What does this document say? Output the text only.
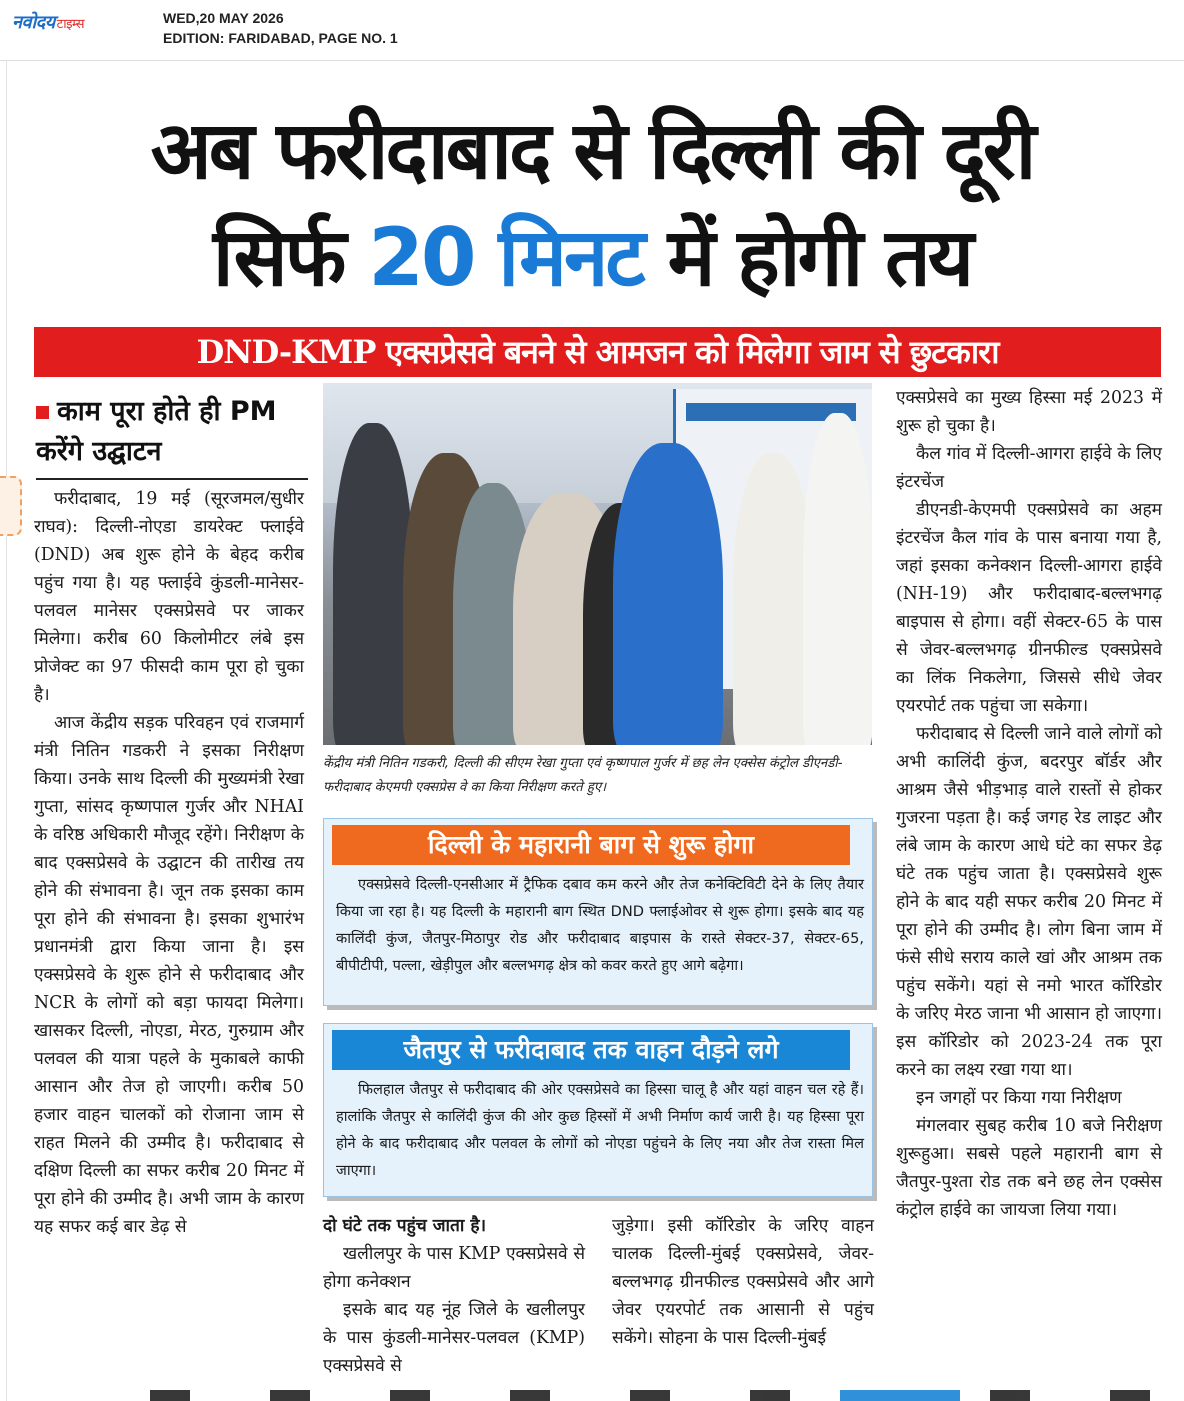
नवोदय टाइम्स	WED,20 MAY 2026
EDITION: FARIDABAD, PAGE NO. 1
अब फरीदाबाद से दिल्ली की दूरी
सिर्फ 20 मिनट में होगी तय
DND-KMP एक्सप्रेसवे बनने से आमजन को मिलेगा जाम से छुटकारा
काम पूरा होते ही PM करेंगे उद्घाटन

फरीदाबाद, 19 मई (सूरजमल/सुधीर राघव): दिल्ली-नोएडा डायरेक्ट फ्लाईवे (DND) अब शुरू होने के बेहद करीब पहुंच गया है। यह फ्लाईवे कुंडली-मानेसर-पलवल मानेसर एक्सप्रेसवे पर जाकर मिलेगा। करीब 60 किलोमीटर लंबे इस प्रोजेक्ट का 97 फीसदी काम पूरा हो चुका है।

आज केंद्रीय सड़क परिवहन एवं राजमार्ग मंत्री नितिन गडकरी ने इसका निरीक्षण किया। उनके साथ दिल्ली की मुख्यमंत्री रेखा गुप्ता, सांसद कृष्णपाल गुर्जर और NHAI के वरिष्ठ अधिकारी मौजूद रहेंगे। निरीक्षण के बाद एक्सप्रेसवे के उद्घाटन की तारीख तय होने की संभावना है। जून तक इसका काम पूरा होने की संभावना है। इसका शुभारंभ प्रधानमंत्री द्वारा किया जाना है। इस एक्सप्रेसवे के शुरू होने से फरीदाबाद और NCR के लोगों को बड़ा फायदा मिलेगा। खासकर दिल्ली, नोएडा, मेरठ, गुरुग्राम और पलवल की यात्रा पहले के मुकाबले काफी आसान और तेज हो जाएगी। करीब 50 हजार वाहन चालकों को रोजाना जाम से राहत मिलने की उम्मीद है। फरीदाबाद से दक्षिण दिल्ली का सफर करीब 20 मिनट में पूरा होने की उम्मीद है। अभी जाम के कारण यह सफर कई बार डेढ़ से

केंद्रीय मंत्री नितिन गडकरी, दिल्ली की सीएम रेखा गुप्ता एवं कृष्णपाल गुर्जर में छह लेन एक्सेस कंट्रोल डीएनडी-फरीदाबाद केएमपी एक्सप्रेस वे का किया निरीक्षण करते हुए।
दिल्ली के महारानी बाग से शुरू होगा

एक्सप्रेसवे दिल्ली-एनसीआर में ट्रैफिक दबाव कम करने और तेज कनेक्टिविटी देने के लिए तैयार किया जा रहा है। यह दिल्ली के महारानी बाग स्थित DND फ्लाईओवर से शुरू होगा। इसके बाद यह कालिंदी कुंज, जैतपुर-मिठापुर रोड और फरीदाबाद बाइपास के रास्ते सेक्टर-37, सेक्टर-65, बीपीटीपी, पल्ला, खेड़ीपुल और बल्लभगढ़ क्षेत्र को कवर करते हुए आगे बढ़ेगा।

जैतपुर से फरीदाबाद तक वाहन दौड़ने लगे

फिलहाल जैतपुर से फरीदाबाद की ओर एक्सप्रेसवे का हिस्सा चालू है और यहां वाहन चल रहे हैं। हालांकि जैतपुर से कालिंदी कुंज की ओर कुछ हिस्सों में अभी निर्माण कार्य जारी है। यह हिस्सा पूरा होने के बाद फरीदाबाद और पलवल के लोगों को नोएडा पहुंचने के लिए नया और तेज रास्ता मिल जाएगा।

दो घंटे तक पहुंच जाता है।

खलीलपुर के पास KMP एक्सप्रेसवे से होगा कनेक्शन

इसके बाद यह नूंह जिले के खलीलपुर के पास कुंडली-मानेसर-पलवल (KMP) एक्सप्रेसवे से

जुड़ेगा। इसी कॉरिडोर के जरिए वाहन चालक दिल्ली-मुंबई एक्सप्रेसवे, जेवर-बल्लभगढ़ ग्रीनफील्ड एक्सप्रेसवे और आगे जेवर एयरपोर्ट तक आसानी से पहुंच सकेंगे। सोहना के पास दिल्ली-मुंबई

एक्सप्रेसवे का मुख्य हिस्सा मई 2023 में शुरू हो चुका है।

कैल गांव में दिल्ली-आगरा हाईवे के लिए इंटरचेंज

डीएनडी-केएमपी एक्सप्रेसवे का अहम इंटरचेंज कैल गांव के पास बनाया गया है, जहां इसका कनेक्शन दिल्ली-आगरा हाईवे (NH-19) और फरीदाबाद-बल्लभगढ़ बाइपास से होगा। वहीं सेक्टर-65 के पास से जेवर-बल्लभगढ़ ग्रीनफील्ड एक्सप्रेसवे का लिंक निकलेगा, जिससे सीधे जेवर एयरपोर्ट तक पहुंचा जा सकेगा।

फरीदाबाद से दिल्ली जाने वाले लोगों को अभी कालिंदी कुंज, बदरपुर बॉर्डर और आश्रम जैसे भीड़भाड़ वाले रास्तों से होकर गुजरना पड़ता है। कई जगह रेड लाइट और लंबे जाम के कारण आधे घंटे का सफर डेढ़ घंटे तक पहुंच जाता है। एक्सप्रेसवे शुरू होने के बाद यही सफर करीब 20 मिनट में पूरा होने की उम्मीद है। लोग बिना जाम में फंसे सीधे सराय काले खां और आश्रम तक पहुंच सकेंगे। यहां से नमो भारत कॉरिडोर के जरिए मेरठ जाना भी आसान हो जाएगा। इस कॉरिडोर को 2023-24 तक पूरा करने का लक्ष्य रखा गया था।

इन जगहों पर किया गया निरीक्षण

मंगलवार सुबह करीब 10 बजे निरीक्षण शुरूहुआ। सबसे पहले महारानी बाग से जैतपुर-पुश्ता रोड तक बने छह लेन एक्सेस कंट्रोल हाईवे का जायजा लिया गया।
